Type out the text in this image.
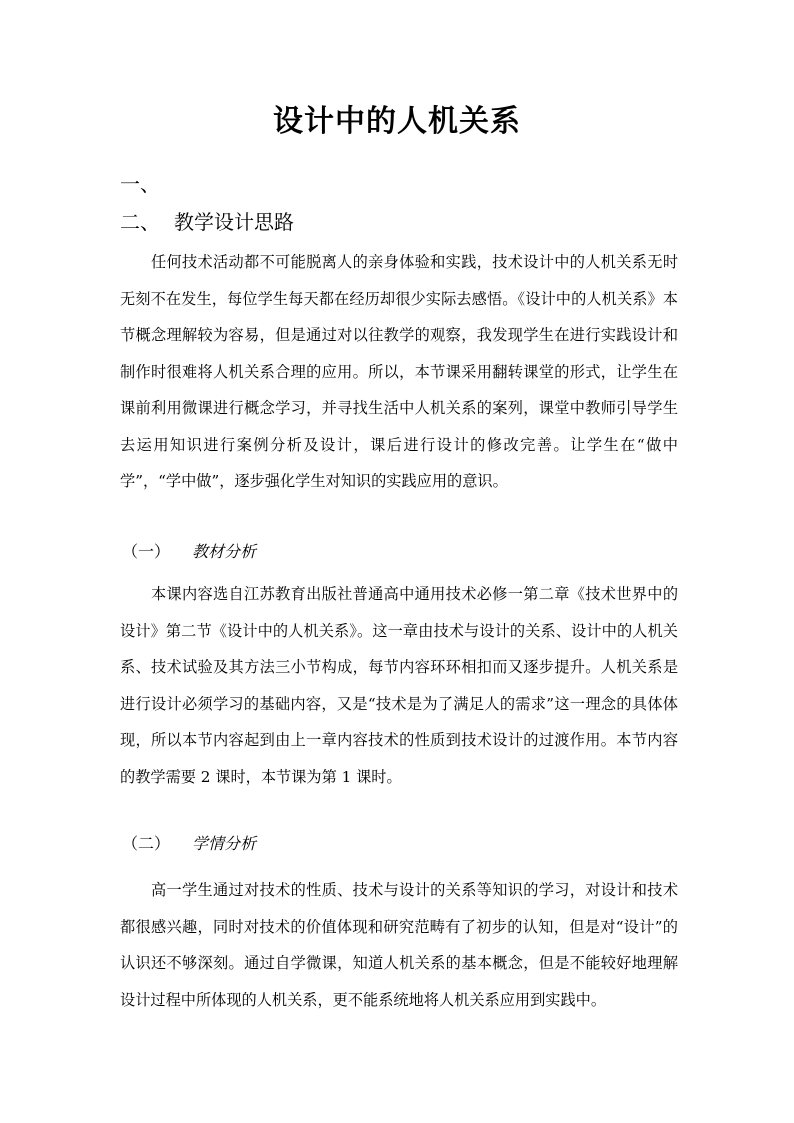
设计中的人机关系
一、
二、 教学设计思路

任何技术活动都不可能脱离人的亲身体验和实践，技术设计中的人机关系无时无刻不在发生，每位学生每天都在经历却很少实际去感悟。《设计中的人机关系》本节概念理解较为容易，但是通过对以往教学的观察，我发现学生在进行实践设计和制作时很难将人机关系合理的应用。所以，本节课采用翻转课堂的形式，让学生在课前利用微课进行概念学习，并寻找生活中人机关系的案列，课堂中教师引导学生去运用知识进行案例分析及设计，课后进行设计的修改完善。让学生在“做中学”，“学中做”，逐步强化学生对知识的实践应用的意识。

（一） 教材分析

本课内容选自江苏教育出版社普通高中通用技术必修一第二章《技术世界中的设计》第二节《设计中的人机关系》。这一章由技术与设计的关系、设计中的人机关系、技术试验及其方法三小节构成，每节内容环环相扣而又逐步提升。人机关系是进行设计必须学习的基础内容，又是“技术是为了满足人的需求”这一理念的具体体现，所以本节内容起到由上一章内容技术的性质到技术设计的过渡作用。本节内容的教学需要 2 课时，本节课为第 1 课时。

（二） 学情分析

高一学生通过对技术的性质、技术与设计的关系等知识的学习，对设计和技术都很感兴趣，同时对技术的价值体现和研究范畴有了初步的认知，但是对“设计”的认识还不够深刻。通过自学微课，知道人机关系的基本概念，但是不能较好地理解设计过程中所体现的人机关系，更不能系统地将人机关系应用到实践中。
